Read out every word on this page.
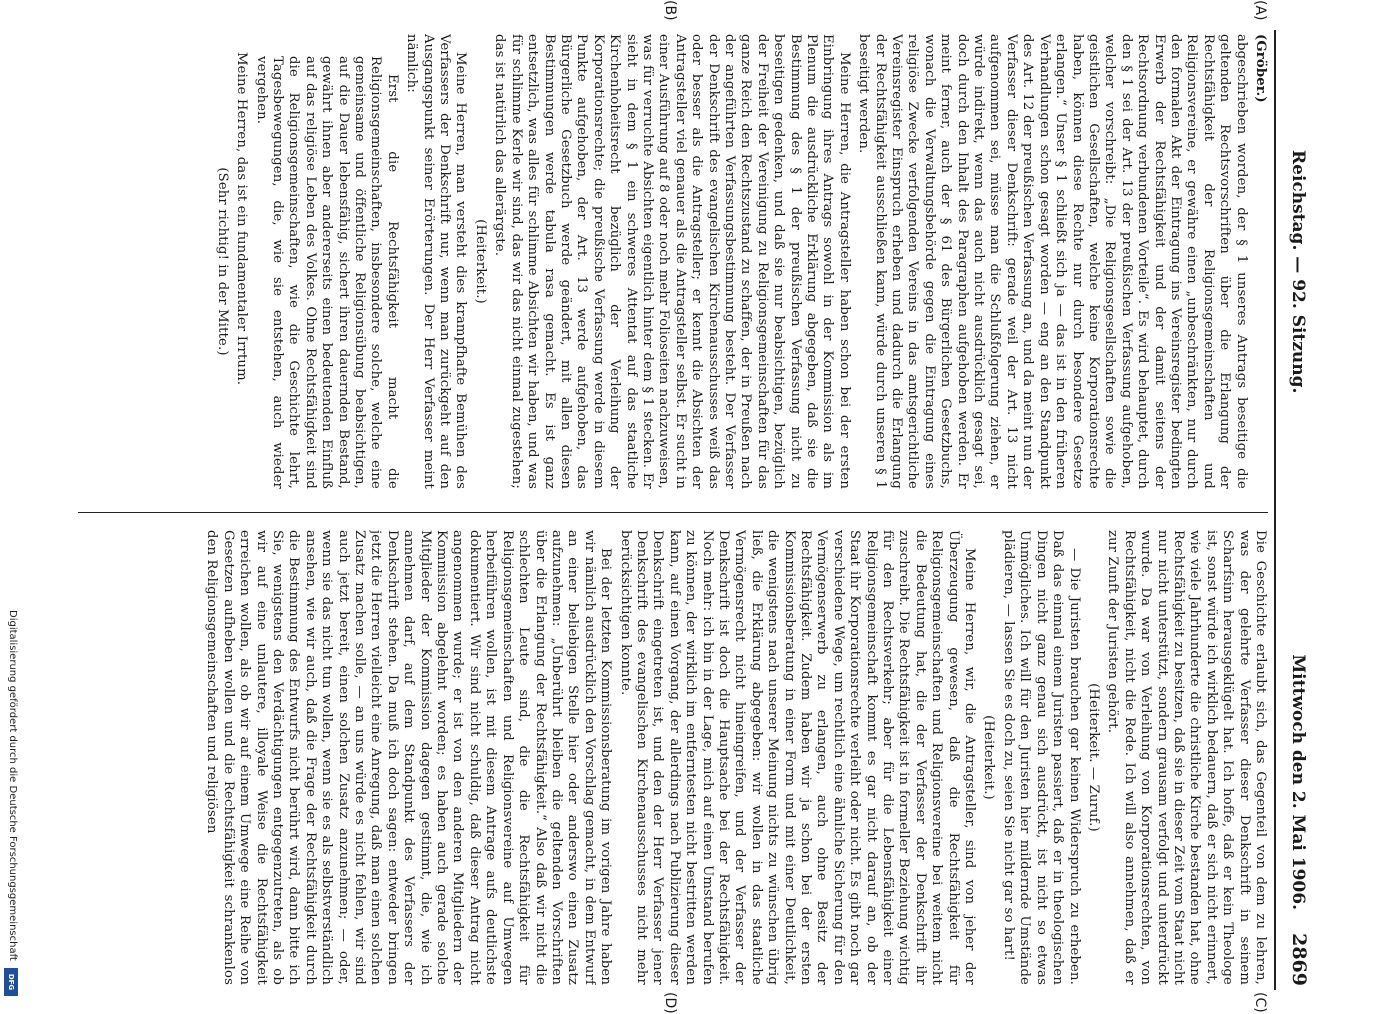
Reichstag. — 92. Sitzung.
Mittwoch den 2. Mai 1906.
2869
(A)
(B)
(C)
(D)

(Gröber.)

abgeschrieben worden, der § 1 unseres Antrags beseitige die geltenden Rechtsvorschriften über die Erlangung der Rechtsfähigkeit der Religionsgemeinschaften und Religionsvereine, er gewähre einen „unbeschränkten, nur durch den formalen Akt der Eintragung ins Vereinsregister bedingten Erwerb der Rechtsfähigkeit und der damit seitens der Rechtsordnung verbundenen Vorteile“. Es wird behauptet, durch den § 1 sei der Art. 13 der preußischen Verfassung aufgehoben, welcher vorschreibt: „Die Religionsgesellschaften sowie die geistlichen Gesellschaften, welche keine Korporationsrechte haben, können diese Rechte nur durch besondere Gesetze erlangen.“ Unser § 1 schließt sich ja — das ist in den früheren Verhandlungen schon gesagt worden — eng an den Standpunkt des Art. 12 der preußischen Verfassung an, und da meint nun der Verfasser dieser Denkschrift: gerade weil der Art. 13 nicht aufgenommen sei, müsse man die Schlußfolgerung ziehen, er würde indirekt, wenn das auch nicht ausdrücklich gesagt sei, doch durch den Inhalt des Paragraphen aufgehoben werden. Er meint ferner, auch der § 61 des Bürgerlichen Gesetzbuchs, wonach die Verwaltungsbehörde gegen die Eintragung eines religiöse Zwecke verfolgenden Vereins in das amtsgerichtliche Vereinsregister Einspruch erheben und dadurch die Erlangung der Rechtsfähigkeit ausschließen kann, würde durch unseren § 1 beseitigt werden.

Meine Herren, die Antragsteller haben schon bei der ersten Einbringung ihres Antrags sowohl in der Kommission als im Plenum die ausdrückliche Erklärung abgegeben, daß sie die Bestimmung des § 1 der preußischen Verfassung nicht zu beseitigen gedenken, und daß sie nur beabsichtigen, bezüglich der Freiheit der Vereinigung zu Religionsgemeinschaften für das ganze Reich den Rechtszustand zu schaffen, der in Preußen nach der angeführten Verfassungsbestimmung besteht. Der Verfasser der Denkschrift des evangelischen Kirchenausschusses weiß das oder besser als die Antragsteller; er kennt die Absichten der Antragsteller viel genauer als die Antragsteller selbst. Er sucht in einer Ausführung auf 8 oder noch mehr Folioseiten nachzuweisen, was für verruchte Absichten eigentlich hinter dem § 1 stecken. Er sieht in dem § 1 ein schweres Attentat auf das staatliche Kirchenhoheitsrecht bezüglich der Verleihung der Korporationsrechte; die preußische Verfassung werde in diesem Punkte aufgehoben, der Art. 13 werde aufgehoben, das Bürgerliche Gesetzbuch werde geändert, mit allen diesen Bestimmungen werde tabula rasa gemacht. Es ist ganz entsetzlich, was alles für schlimme Absichten wir haben, und was für schlimme Kerle wir sind, das wir das nicht einmal zugestehen; das ist natürlich das allerärgste.

(Heiterkeit.)

Meine Herren, man versteht dies krampfhafte Bemühen des Verfassers der Denkschrift nur, wenn man zurückgeht auf den Ausgangspunkt seiner Erörterungen. Der Herr Verfasser meint nämlich:

Erst die Rechtsfähigkeit macht die Religionsgemeinschaften, insbesondere solche, welche eine gemeinsame und öffentliche Religionsübung beabsichtigen, auf die Dauer lebensfähig, sichert ihren dauernden Bestand, gewährt ihnen aber andererseits einen bedeutenden Einfluß auf das religiöse Leben des Volkes. Ohne Rechtsfähigkeit sind die Religionsgemeinschaften, wie die Geschichte lehrt, Tagesbewegungen, die, wie sie entstehen, auch wieder vergehen.

Meine Herren, das ist ein fundamentaler Irrtum.

(Sehr richtig! in der Mitte.)

Die Geschichte erlaubt sich, das Gegenteil von dem zu lehren, was der gelehrte Verfasser dieser Denkschrift in seinem Scharfsinn herausgeklügelt hat. Ich hoffe, daß er kein Theologe ist, sonst würde ich wirklich bedauern, daß er sich nicht erinnert, wie viele Jahrhunderte die christliche Kirche bestanden hat, ohne Rechtsfähigkeit zu besitzen, daß sie in dieser Zeit vom Staat nicht nur nicht unterstützt, sondern grausam verfolgt und unterdrückt wurde. Da war von Verleihung von Korporationsrechten, von Rechtsfähigkeit, nicht die Rede. Ich will also annehmen, daß er zur Zunft der Juristen gehört.

(Heiterkeit. — Zuruf.)

— Die Juristen brauchen gar keinen Widerspruch zu erheben. Daß das einmal einem Juristen passiert, daß er in theologischen Dingen nicht ganz genau sich ausdrückt, ist nicht so etwas Unmögliches. Ich will für den Juristen hier mildernde Umstände plädieren, — lassen Sie es doch zu, seien Sie nicht gar so hart!

(Heiterkeit.)

Meine Herren, wir, die Antragsteller, sind von jeher der Überzeugung gewesen, daß die Rechtsfähigkeit für Religionsgemeinschaften und Religionsvereine bei weitem nicht die Bedeutung hat, die der Verfasser der Denkschrift ihr zuschreibt. Die Rechtsfähigkeit ist in formeller Beziehung wichtig für den Rechtsverkehr; aber für die Lebensfähigkeit einer Religionsgemeinschaft kommt es gar nicht darauf an, ob der Staat ihr Korporationsrechte verleiht oder nicht. Es gibt noch gar verschiedene Wege, um rechtlich eine ähnliche Sicherung für den Vermögenserwerb zu erlangen, auch ohne Besitz der Rechtsfähigkeit. Zudem haben wir ja schon bei der ersten Kommissionsberatung in einer Form und mit einer Deutlichkeit, die wenigstens nach unserer Meinung nichts zu wünschen übrig ließ, die Erklärung abgegeben: wir wollen in das staatliche Vermögensrecht nicht hineingreifen, und der Verfasser der Denkschrift ist doch die Hauptsache bei der Rechtsfähigkeit. Noch mehr: ich bin in der Lage, mich auf einen Umstand berufen zu können, der wirklich im entferntesten nicht bestritten werden kann, auf einen Vorgang, der allerdings nach Publizierung dieser Denkschrift eingetreten ist, und den der Herr Verfasser jener Denkschrift des evangelischen Kirchenausschusses nicht mehr berücksichtigen konnte.

Bei der letzten Kommissionsberatung im vorigen Jahre haben wir nämlich ausdrücklich den Vorschlag gemacht, in dem Entwurf an einer beliebigen Stelle hier oder anderswo einen Zusatz aufzunehmen: „Unberührt bleiben die geltenden Vorschriften über die Erlangung der Rechtsfähigkeit.“ Also daß wir nicht die schlechten Leute sind, die die Rechtsfähigkeit für Religionsgemeinschaften und Religionsvereine auf Umwegen herbeiführen wollen, ist mit diesem Antrage aufs deutlichste dokumentiert. Wir sind nicht schuldig, daß dieser Antrag nicht angenommen wurde; er ist von den anderen Mitgliedern der Kommission abgelehnt worden; es haben auch gerade solche Mitglieder der Kommission dagegen gestimmt, die, wie ich annehmen darf, auf dem Standpunkt des Verfassers der Denkschrift stehen. Da muß ich doch sagen: entweder bringen jetzt die Herren vielleicht eine Anregung, daß man einen solchen Zusatz machen solle, — an uns würde es nicht fehlen, wir sind auch jetzt bereit, einen solchen Zusatz anzunehmen; — oder, wenn sie das nicht tun wollen, wenn sie es als selbstverständlich ansehen, wie wir auch, daß die Frage der Rechtsfähigkeit durch die Bestimmung des Entwurfs nicht berührt wird, dann bitte ich Sie, wenigstens den Verdächtigungen entgegenzutreten, als ob wir auf eine unlautere, illoyale Weise die Rechtsfähigkeit erreichen wollen, als ob wir auf einem Umwege eine Reihe von Gesetzen aufheben wollen und die Rechtsfähigkeit schrankenlos den Religionsgemeinschaften und religiösen

Digitalisierung gefördert durch die Deutsche Forschungsgemeinschaft
DFG
